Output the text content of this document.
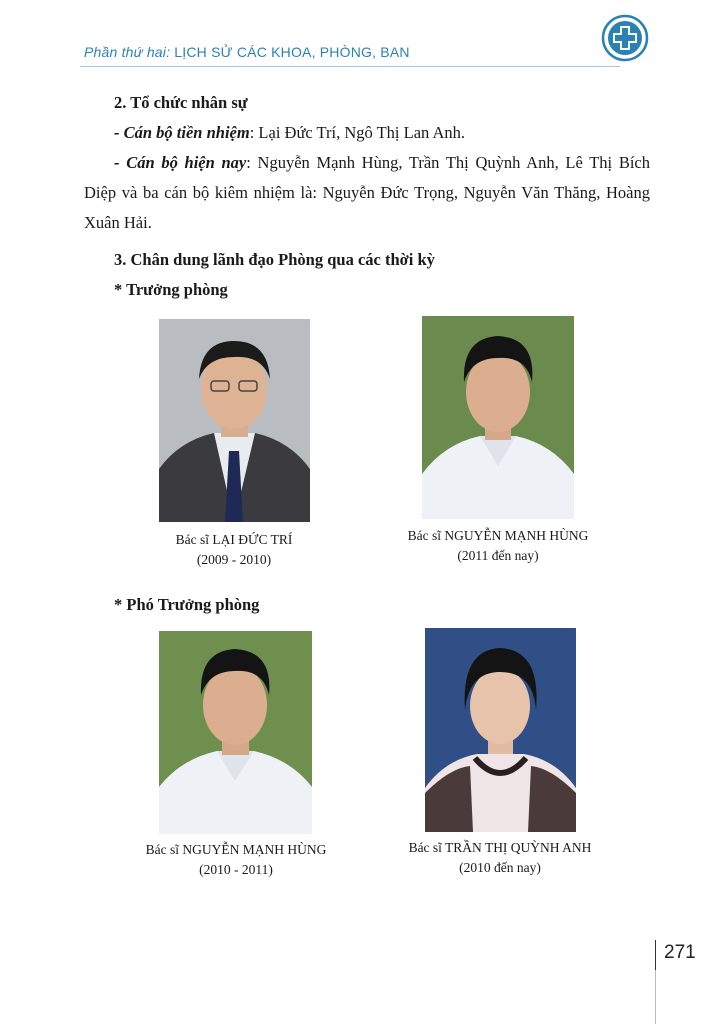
Phần thứ hai: LỊCH SỬ CÁC KHOA, PHÒNG, BAN
2. Tổ chức nhân sự
- Cán bộ tiền nhiệm: Lại Đức Trí, Ngô Thị Lan Anh.
- Cán bộ hiện nay: Nguyễn Mạnh Hùng, Trần Thị Quỳnh Anh, Lê Thị Bích Diệp và ba cán bộ kiêm nhiệm là: Nguyễn Đức Trọng, Nguyễn Văn Thăng, Hoàng Xuân Hải.
3. Chân dung lãnh đạo Phòng qua các thời kỳ
* Trưởng phòng
* Phó Trưởng phòng
Bác sĩ LẠI ĐỨC TRÍ
(2009 - 2010)
Bác sĩ NGUYỄN MẠNH HÙNG
(2011 đến nay)
Bác sĩ NGUYỄN MẠNH HÙNG
(2010 - 2011)
Bác sĩ TRẦN THỊ QUỲNH ANH
(2010 đến nay)
271
